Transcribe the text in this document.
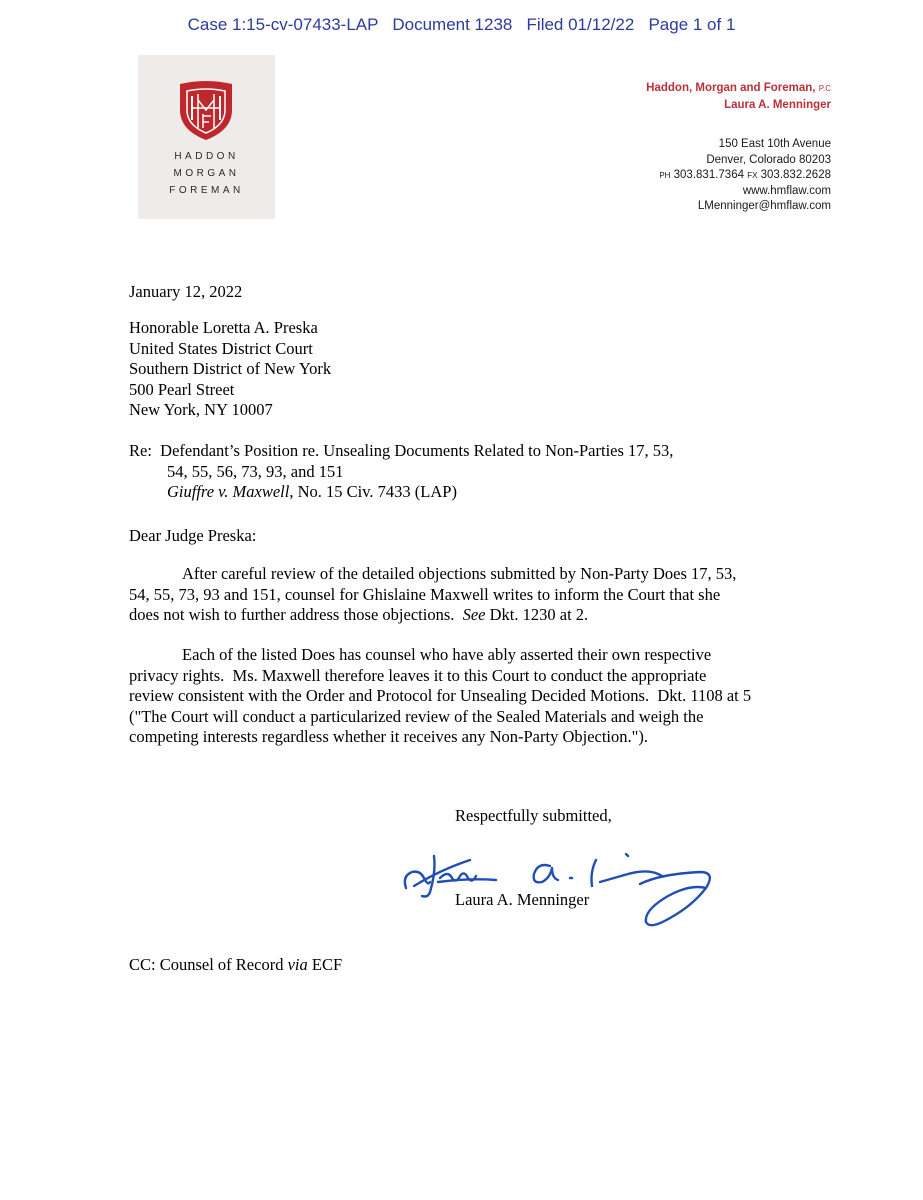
Case 1:15-cv-07433-LAP   Document 1238   Filed 01/12/22   Page 1 of 1
HADDON
MORGAN
FOREMAN
Haddon, Morgan and Foreman, P.C
Laura A. Menninger
150 East 10th Avenue
Denver, Colorado 80203
PH 303.831.7364 FX 303.832.2628
www.hmflaw.com
LMenninger@hmflaw.com
January 12, 2022
Honorable Loretta A. Preska
United States District Court
Southern District of New York
500 Pearl Street
New York, NY 10007
Re: Defendant’s Position re. Unsealing Documents Related to Non-Parties 17, 53,
54, 55, 56, 73, 93, and 151
Giuffre v. Maxwell, No. 15 Civ. 7433 (LAP)
Dear Judge Preska:
After careful review of the detailed objections submitted by Non-Party Does 17, 53,
54, 55, 73, 93 and 151, counsel for Ghislaine Maxwell writes to inform the Court that she
does not wish to further address those objections.  See Dkt. 1230 at 2.
Each of the listed Does has counsel who have ably asserted their own respective
privacy rights.  Ms. Maxwell therefore leaves it to this Court to conduct the appropriate
review consistent with the Order and Protocol for Unsealing Decided Motions.  Dkt. 1108 at 5
("The Court will conduct a particularized review of the Sealed Materials and weigh the
competing interests regardless whether it receives any Non-Party Objection.").
Respectfully submitted,
Laura A. Menninger
CC: Counsel of Record via ECF
